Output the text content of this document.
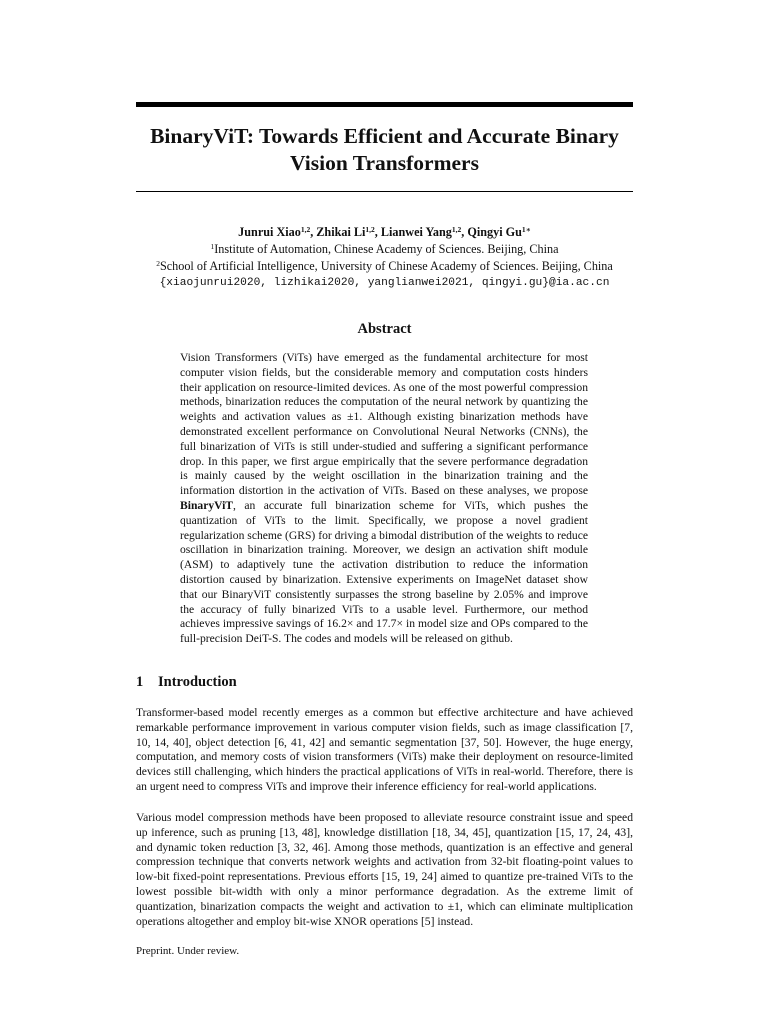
BinaryViT: Towards Efficient and Accurate Binary
Vision Transformers
Junrui Xiao$^{1,2}$, Zhikai Li$^{1,2}$, Lianwei Yang$^{1,2}$, Qingyi $Gu^{1∗}$
$^1$Institute of Automation, Chinese Academy of Sciences. Beijing, China
$^2$School of Artificial Intelligence, University of Chinese Academy of Sciences. Beijing, China
{xiaojunrui2020, lizhikai2020, yanglianwei2021, qingyi.gu}@ia.ac.cn
Abstract

Vision Transformers (ViTs) have emerged as the fundamental architecture for most computer vision fields, but the considerable memory and computation costs hinders their application on resource-limited devices. As one of the most powerful compression methods, binarization reduces the computation of the neural network by quantizing the weights and activation values as ±1. Although existing binarization methods have demonstrated excellent performance on Convolutional Neural Networks (CNNs), the full binarization of ViTs is still under-studied and suffering a significant performance drop. In this paper, we first argue empirically that the severe performance degradation is mainly caused by the weight oscillation in the binarization training and the information distortion in the activation of ViTs. Based on these analyses, we propose BinaryViT, an accurate full binarization scheme for ViTs, which pushes the quantization of ViTs to the limit. Specifically, we propose a novel gradient regularization scheme (GRS) for driving a bimodal distribution of the weights to reduce oscillation in binarization training. Moreover, we design an activation shift module (ASM) to adaptively tune the activation distribution to reduce the information distortion caused by binarization. Extensive experiments on ImageNet dataset show that our BinaryViT consistently surpasses the strong baseline by 2.05% and improve the accuracy of fully binarized ViTs to a usable level. Furthermore, our method achieves impressive savings of 16.2× and 17.7× in model size and OPs compared to the full-precision DeiT-S. The codes and models will be released on github.

1 Introduction

Transformer-based model recently emerges as a common but effective architecture and have achieved remarkable performance improvement in various computer vision fields, such as image classification [7, 10, 14, 40], object detection [6, 41, 42] and semantic segmentation [37, 50]. However, the huge energy, computation, and memory costs of vision transformers (ViTs) make their deployment on resource-limited devices still challenging, which hinders the practical applications of ViTs in real-world. Therefore, there is an urgent need to compress ViTs and improve their inference efficiency for real-world applications.

Various model compression methods have been proposed to alleviate resource constraint issue and speed up inference, such as pruning [13, 48], knowledge distillation [18, 34, 45], quantization [15, 17, 24, 43], and dynamic token reduction [3, 32, 46]. Among those methods, quantization is an effective and general compression technique that converts network weights and activation from 32-bit floating-point values to low-bit fixed-point representations. Previous efforts [15, 19, 24] aimed to quantize pre-trained ViTs to the lowest possible bit-width with only a minor performance degradation. As the extreme limit of quantization, binarization compacts the weight and activation to ±1, which can eliminate multiplication operations altogether and employ bit-wise XNOR operations [5] instead.

Preprint. Under review.
